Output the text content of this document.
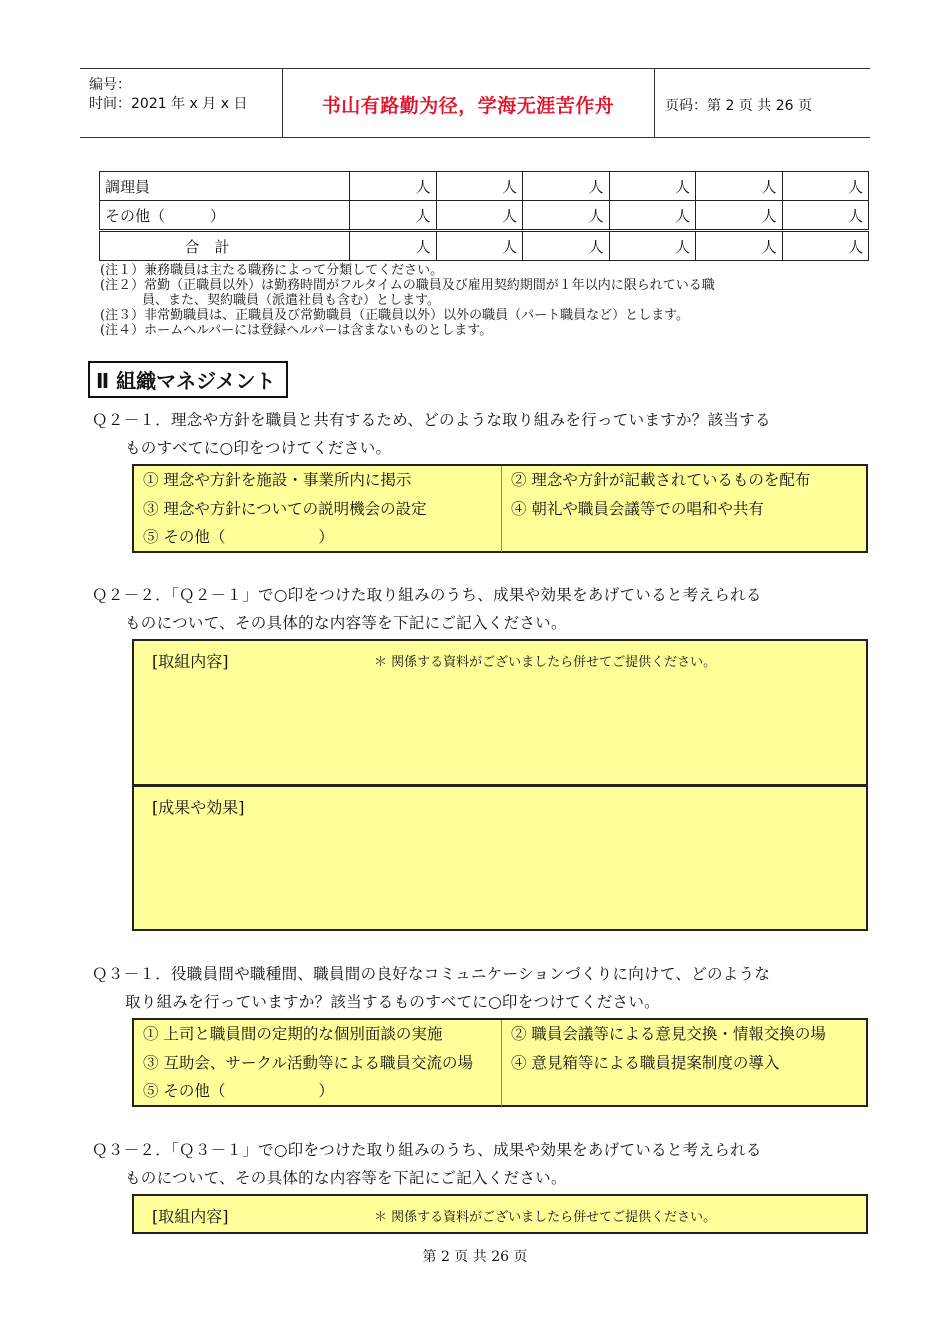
编号：
时间：2021 年 x 月 x 日	书山有路勤为径，学海无涯苦作舟	页码：第 2 页 共 26 页
調理員	人	人	人	人	人	人
その他（　　　）	人	人	人	人	人	人
合　計	人	人	人	人	人	人
(注１）兼務職員は主たる職務によって分類してください。
(注２）常勤（正職員以外）は勤務時間がフルタイムの職員及び雇用契約期間が１年以内に限られている職
員、また、契約職員（派遣社員も含む）とします。
(注３）非常勤職員は、正職員及び常勤職員（正職員以外）以外の職員（パート職員など）とします。
(注４）ホームヘルパーには登録ヘルパーは含まないものとします。
Ⅱ 組織マネジメント
Ｑ２－１．理念や方針を職員と共有するため、どのような取り組みを行っていますか？該当する
ものすべてに○印をつけてください。
① 理念や方針を施設・事業所内に掲示	② 理念や方針が記載されているものを配布
③ 理念や方針についての説明機会の設定	④ 朝礼や職員会議等での唱和や共有
⑤ その他（　　　　　　）
Ｑ２－２．「Ｑ２－１」で○印をつけた取り組みのうち、成果や効果をあげていると考えられる
ものについて、その具体的な内容等を下記にご記入ください。
[取組内容]	＊ 関係する資料がございましたら併せてご提供ください。
[成果や効果]
Ｑ３－１．役職員間や職種間、職員間の良好なコミュニケーションづくりに向けて、どのような
取り組みを行っていますか？該当するものすべてに○印をつけてください。
① 上司と職員間の定期的な個別面談の実施	② 職員会議等による意見交換・情報交換の場
③ 互助会、サークル活動等による職員交流の場	④ 意見箱等による職員提案制度の導入
⑤ その他（　　　　　　）
Ｑ３－２．「Ｑ３－１」で○印をつけた取り組みのうち、成果や効果をあげていると考えられる
ものについて、その具体的な内容等を下記にご記入ください。
[取組内容]	＊ 関係する資料がございましたら併せてご提供ください。
第 2 页 共 26 页
